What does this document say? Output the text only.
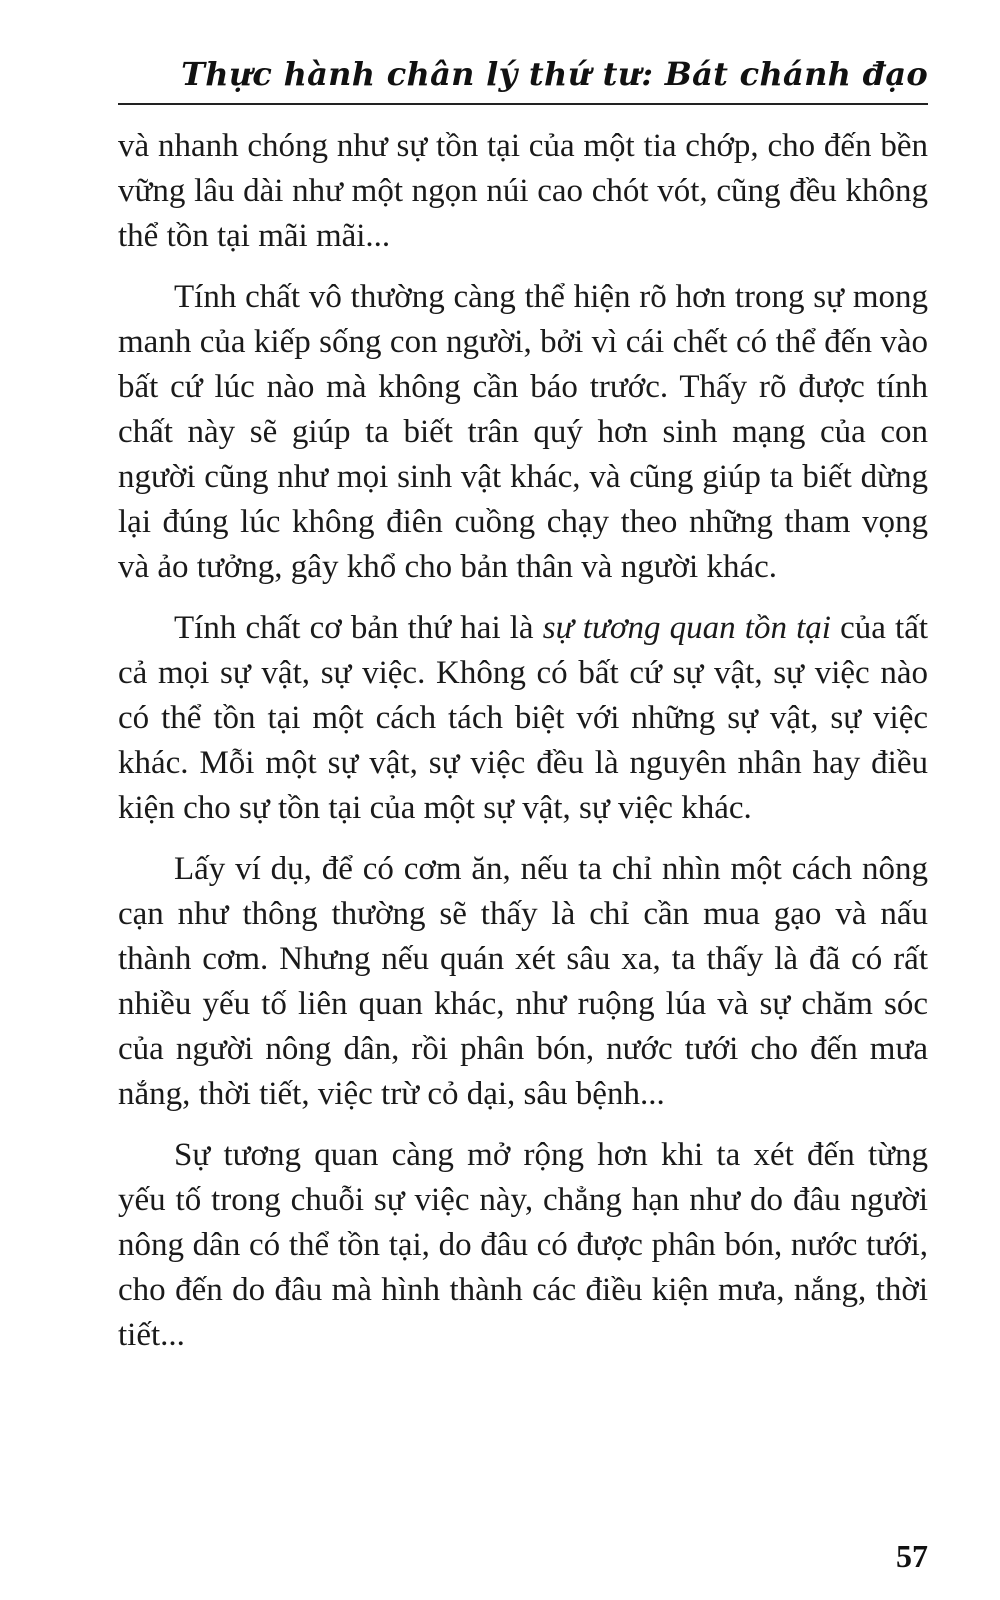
Thực hành chân lý thứ tư: Bát chánh đạo

và nhanh chóng như sự tồn tại của một tia chớp, cho đến bền vững lâu dài như một ngọn núi cao chót vót, cũng đều không thể tồn tại mãi mãi...

Tính chất vô thường càng thể hiện rõ hơn trong sự mong manh của kiếp sống con người, bởi vì cái chết có thể đến vào bất cứ lúc nào mà không cần báo trước. Thấy rõ được tính chất này sẽ giúp ta biết trân quý hơn sinh mạng của con người cũng như mọi sinh vật khác, và cũng giúp ta biết dừng lại đúng lúc không điên cuồng chạy theo những tham vọng và ảo tưởng, gây khổ cho bản thân và người khác.

Tính chất cơ bản thứ hai là sự tương quan tồn tại của tất cả mọi sự vật, sự việc. Không có bất cứ sự vật, sự việc nào có thể tồn tại một cách tách biệt với những sự vật, sự việc khác. Mỗi một sự vật, sự việc đều là nguyên nhân hay điều kiện cho sự tồn tại của một sự vật, sự việc khác.

Lấy ví dụ, để có cơm ăn, nếu ta chỉ nhìn một cách nông cạn như thông thường sẽ thấy là chỉ cần mua gạo và nấu thành cơm. Nhưng nếu quán xét sâu xa, ta thấy là đã có rất nhiều yếu tố liên quan khác, như ruộng lúa và sự chăm sóc của người nông dân, rồi phân bón, nước tưới cho đến mưa nắng, thời tiết, việc trừ cỏ dại, sâu bệnh...

Sự tương quan càng mở rộng hơn khi ta xét đến từng yếu tố trong chuỗi sự việc này, chẳng hạn như do đâu người nông dân có thể tồn tại, do đâu có được phân bón, nước tưới, cho đến do đâu mà hình thành các điều kiện mưa, nắng, thời tiết...

57
